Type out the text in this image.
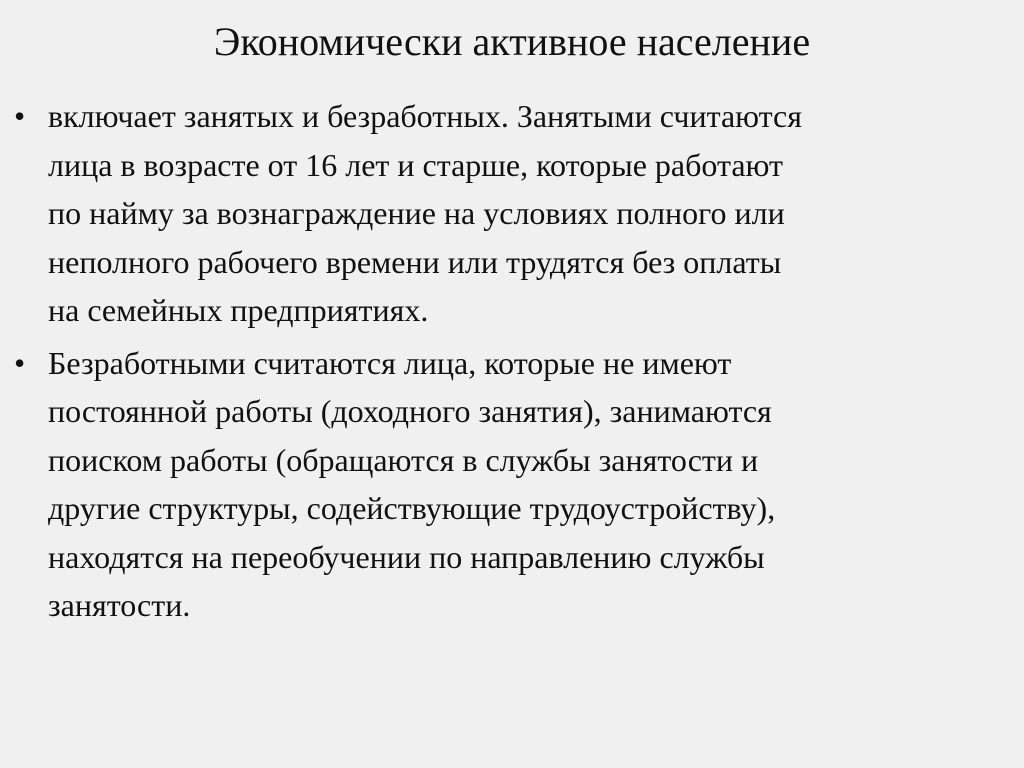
Экономически активное население
• включает занятых и безработных. Занятыми считаются
лица в возрасте от 16 лет и старше, которые работают
по найму за вознаграждение на условиях полного или
неполного рабочего времени или трудятся без оплаты
на семейных предприятиях.
• Безработными считаются лица, которые не имеют
постоянной работы (доходного занятия), занимаются
поиском работы (обращаются в службы занятости и
другие структуры, содействующие трудоустройству),
находятся на переобучении по направлению службы
занятости.
